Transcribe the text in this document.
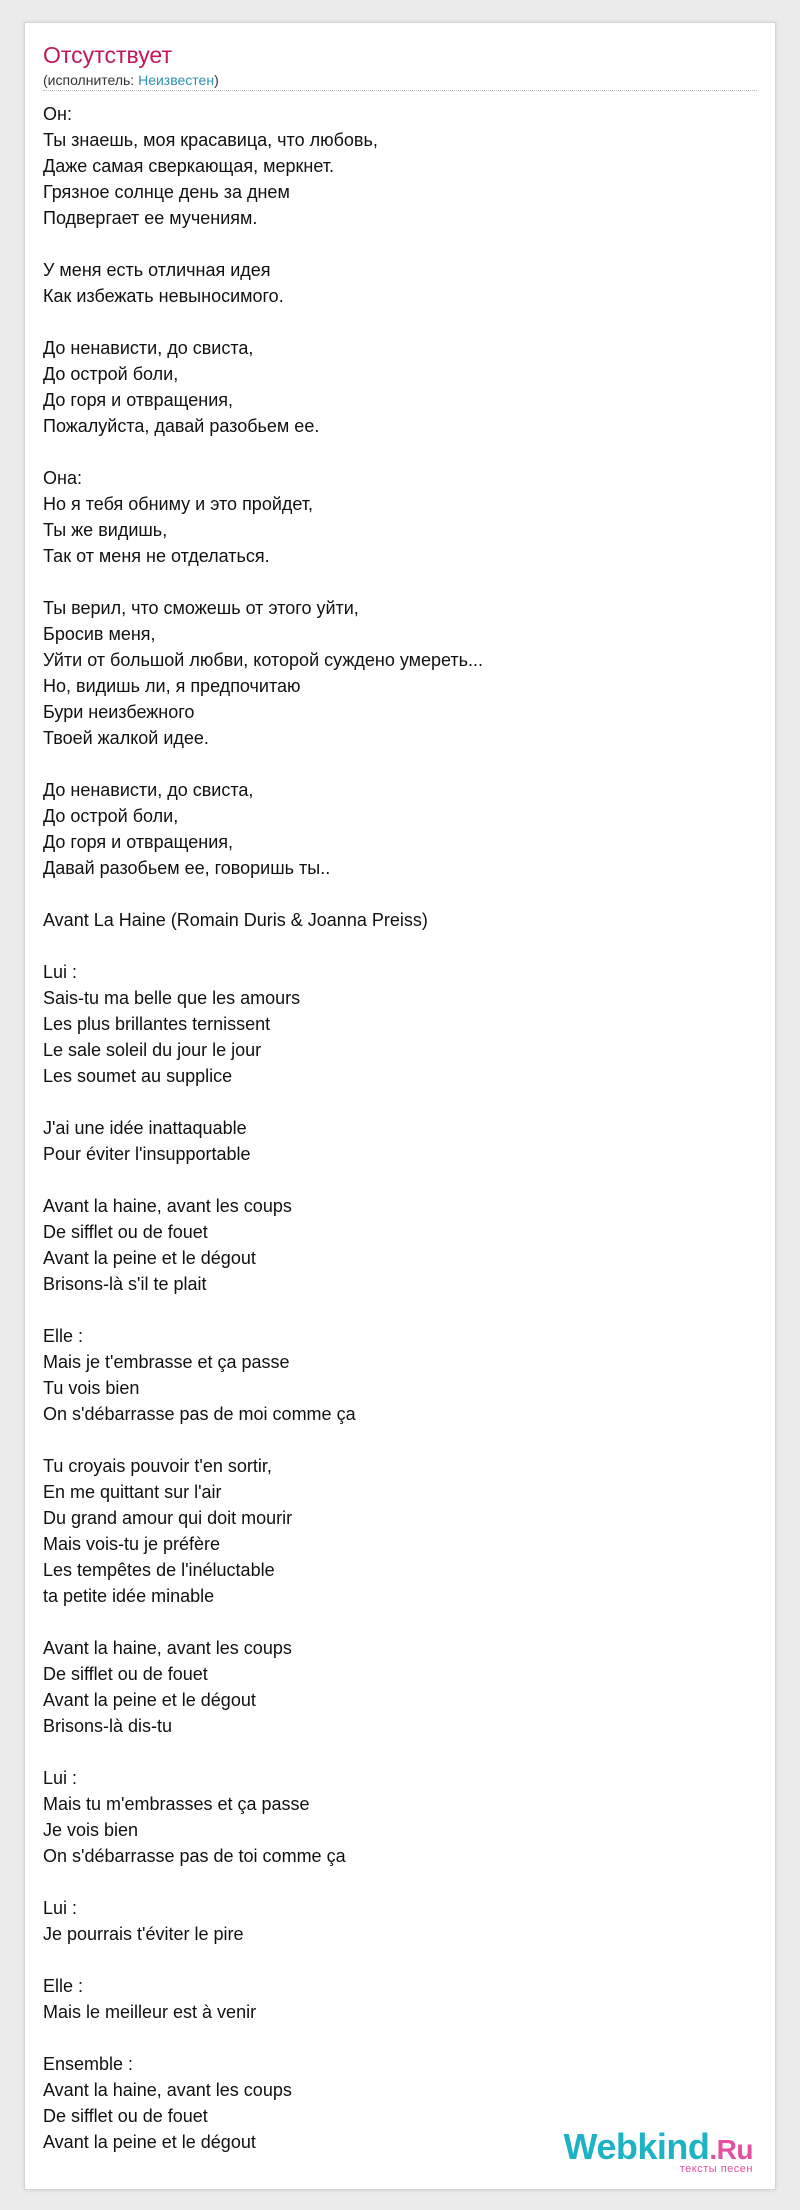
Отсутствует
(исполнитель: Неизвестен)
Он:
Ты знаешь, моя красавица, что любовь,
Даже самая сверкающая, меркнет.
Грязное солнце день за днем
Подвергает ее мучениям.
У меня есть отличная идея
Как избежать невыносимого.
До ненависти, до свиста,
До острой боли,
До горя и отвращения,
Пожалуйста, давай разобьем ее.
Она:
Но я тебя обниму и это пройдет,
Ты же видишь,
Так от меня не отделаться.
Ты верил, что сможешь от этого уйти,
Бросив меня,
Уйти от большой любви, которой суждено умереть...
Но, видишь ли, я предпочитаю
Бури неизбежного
Твоей жалкой идее.
До ненависти, до свиста,
До острой боли,
До горя и отвращения,
Давай разобьем ее, говоришь ты..
Avant La Haine (Romain Duris & Joanna Preiss)
Lui :
Sais-tu ma belle que les amours
Les plus brillantes ternissent
Le sale soleil du jour le jour
Les soumet au supplice
J'ai une idée inattaquable
Pour éviter l'insupportable
Avant la haine, avant les coups
De sifflet ou de fouet
Avant la peine et le dégout
Brisons-là s'il te plait
Elle :
Mais je t'embrasse et ça passe
Tu vois bien
On s'débarrasse pas de moi comme ça
Tu croyais pouvoir t'en sortir,
En me quittant sur l'air
Du grand amour qui doit mourir
Mais vois-tu je préfère
Les tempêtes de l'inéluctable
ta petite idée minable
Avant la haine, avant les coups
De sifflet ou de fouet
Avant la peine et le dégout
Brisons-là dis-tu
Lui :
Mais tu m'embrasses et ça passe
Je vois bien
On s'débarrasse pas de toi comme ça
Lui :
Je pourrais t'éviter le pire
Elle :
Mais le meilleur est à venir
Ensemble :
Avant la haine, avant les coups
De sifflet ou de fouet
Avant la peine et le dégout	Webkind.Ru
тексты песен
